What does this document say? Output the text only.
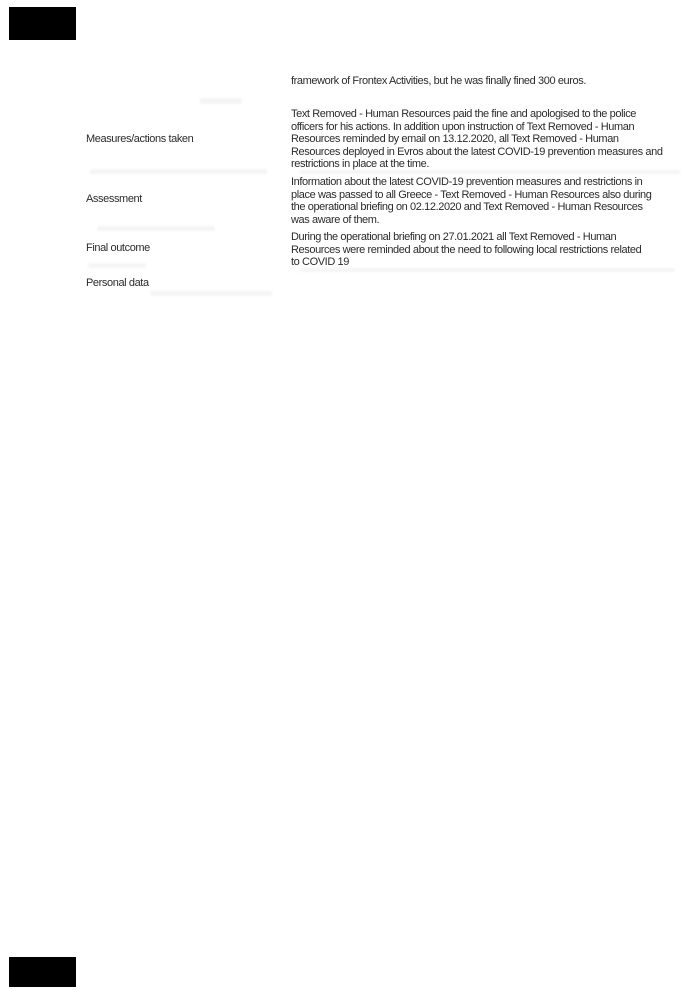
Measures/actions taken
Assessment
Final outcome
Personal data
framework of Frontex Activities, but he was finally fined 300 euros.
Text Removed - Human Resources paid the fine and apologised to the police
officers for his actions. In addition upon instruction of Text Removed - Human
Resources reminded by email on 13.12.2020, all Text Removed - Human
Resources deployed in Evros about the latest COVID-19 prevention measures and
restrictions in place at the time.
Information about the latest COVID-19 prevention measures and restrictions in
place was passed to all Greece - Text Removed - Human Resources also during
the operational briefing on 02.12.2020 and Text Removed - Human Resources
was aware of them.
During the operational briefing on 27.01.2021 all Text Removed - Human
Resources were reminded about the need to following local restrictions related
to COVID 19
